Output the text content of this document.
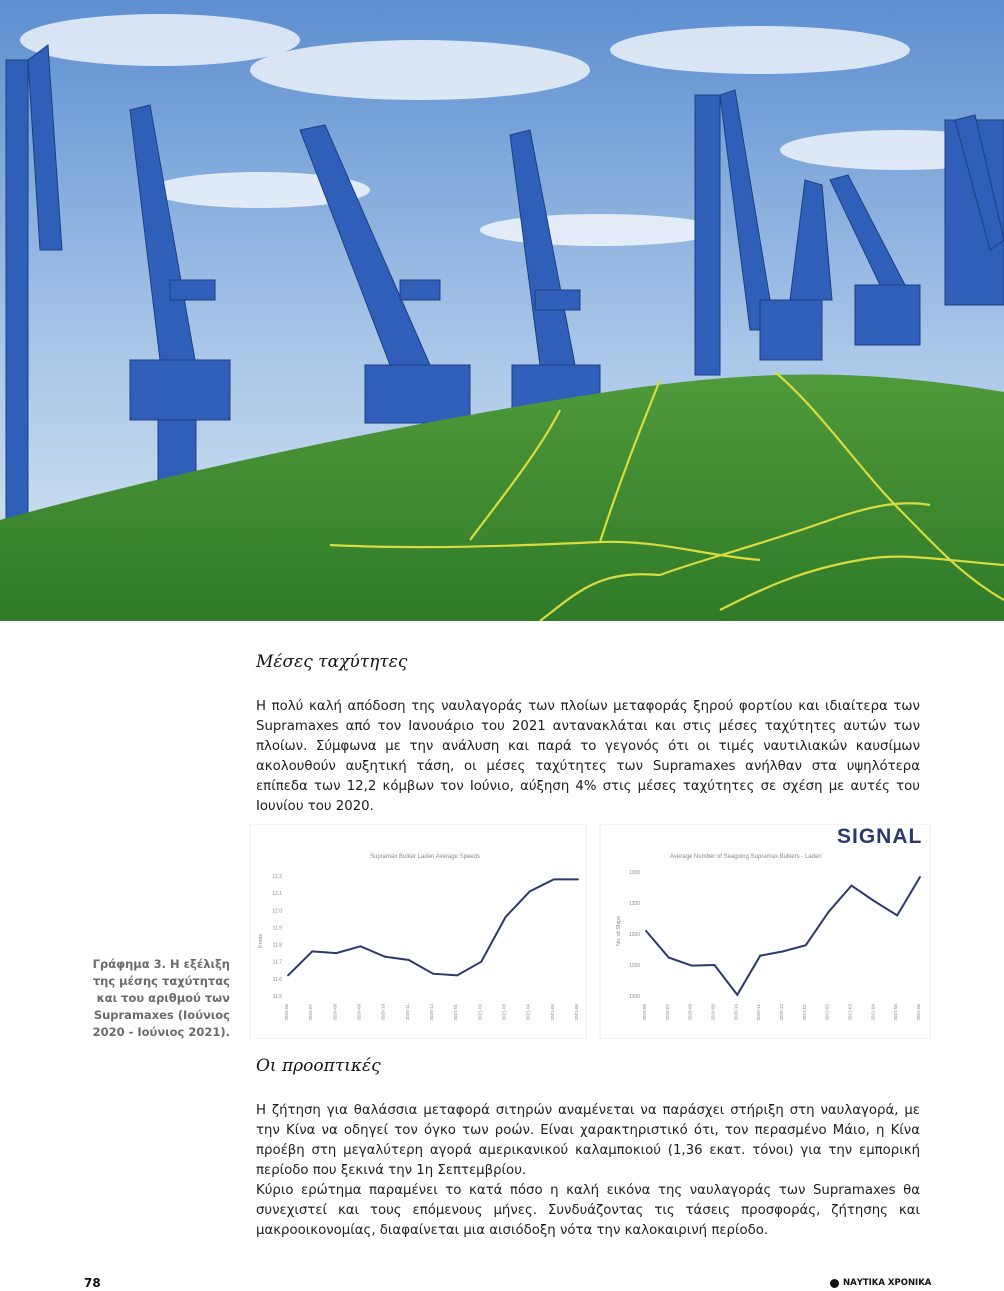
Μέσες ταχύτητες

Η πολύ καλή απόδοση της ναυλαγοράς των πλοίων μεταφοράς ξηρού φορτίου και ιδιαίτερα των Supramaxes από τον Ιανουάριο του 2021 αντανακλάται και στις μέσες ταχύτητες αυτών των πλοίων. Σύμφωνα με την ανάλυση και παρά το γεγονός ότι οι τιμές ναυτιλιακών καυσίμων ακολουθούν αυξητική τάση, οι μέσες ταχύτητες των Supramaxes ανήλθαν στα υψηλότερα επίπεδα των 12,2 κόμβων τον Ιούνιο, αύξηση 4% στις μέσες ταχύτητες σε σχέση με αυτές του Ιουνίου του 2020.

SIGNAL
Supramax Bulker Laden Average Speeds
Knots
11.5
11.6
11.7
11.8
11.9
12.0
12.1
12.2
2020-06	2020-07	2020-08	2020-09	2020-10	2020-11	2020-12	2021-01	2021-02	2021-03	2021-04	2021-05	2021-06
Average Number of Seagoing Supramax Bulkers - Laden
No. of Ships
1100
1150
1200
1250
1300
2020-06	2020-07	2020-08	2020-09	2020-10	2020-11	2020-12	2021-01	2021-02	2021-03	2021-04	2021-05	2021-06

Γράφημα 3. Η εξέλιξη της μέσης ταχύτητας και του αριθμού των Supramaxes (Ιούνιος 2020 - Ιούνιος 2021).

Οι προοπτικές

Η ζήτηση για θαλάσσια μεταφορά σιτηρών αναμένεται να παράσχει στήριξη στη ναυλαγορά, με την Κίνα να οδηγεί τον όγκο των ροών. Είναι χαρακτηριστικό ότι, τον περασμένο Μάιο, η Κίνα προέβη στη μεγαλύτερη αγορά αμερικανικού καλαμποκιού (1,36 εκατ. τόνοι) για την εμπορική περίοδο που ξεκινά την 1η Σεπτεμβρίου.

Κύριο ερώτημα παραμένει το κατά πόσο η καλή εικόνα της ναυλαγοράς των Supramaxes θα συνεχιστεί και τους επόμενους μήνες. Συνδυάζοντας τις τάσεις προσφοράς, ζήτησης και μακροοικονομίας, διαφαίνεται μια αισιόδοξη νότα την καλοκαιρινή περίοδο.

78	ΝΑΥΤΙΚΑ ΧΡΟΝΙΚΑ
